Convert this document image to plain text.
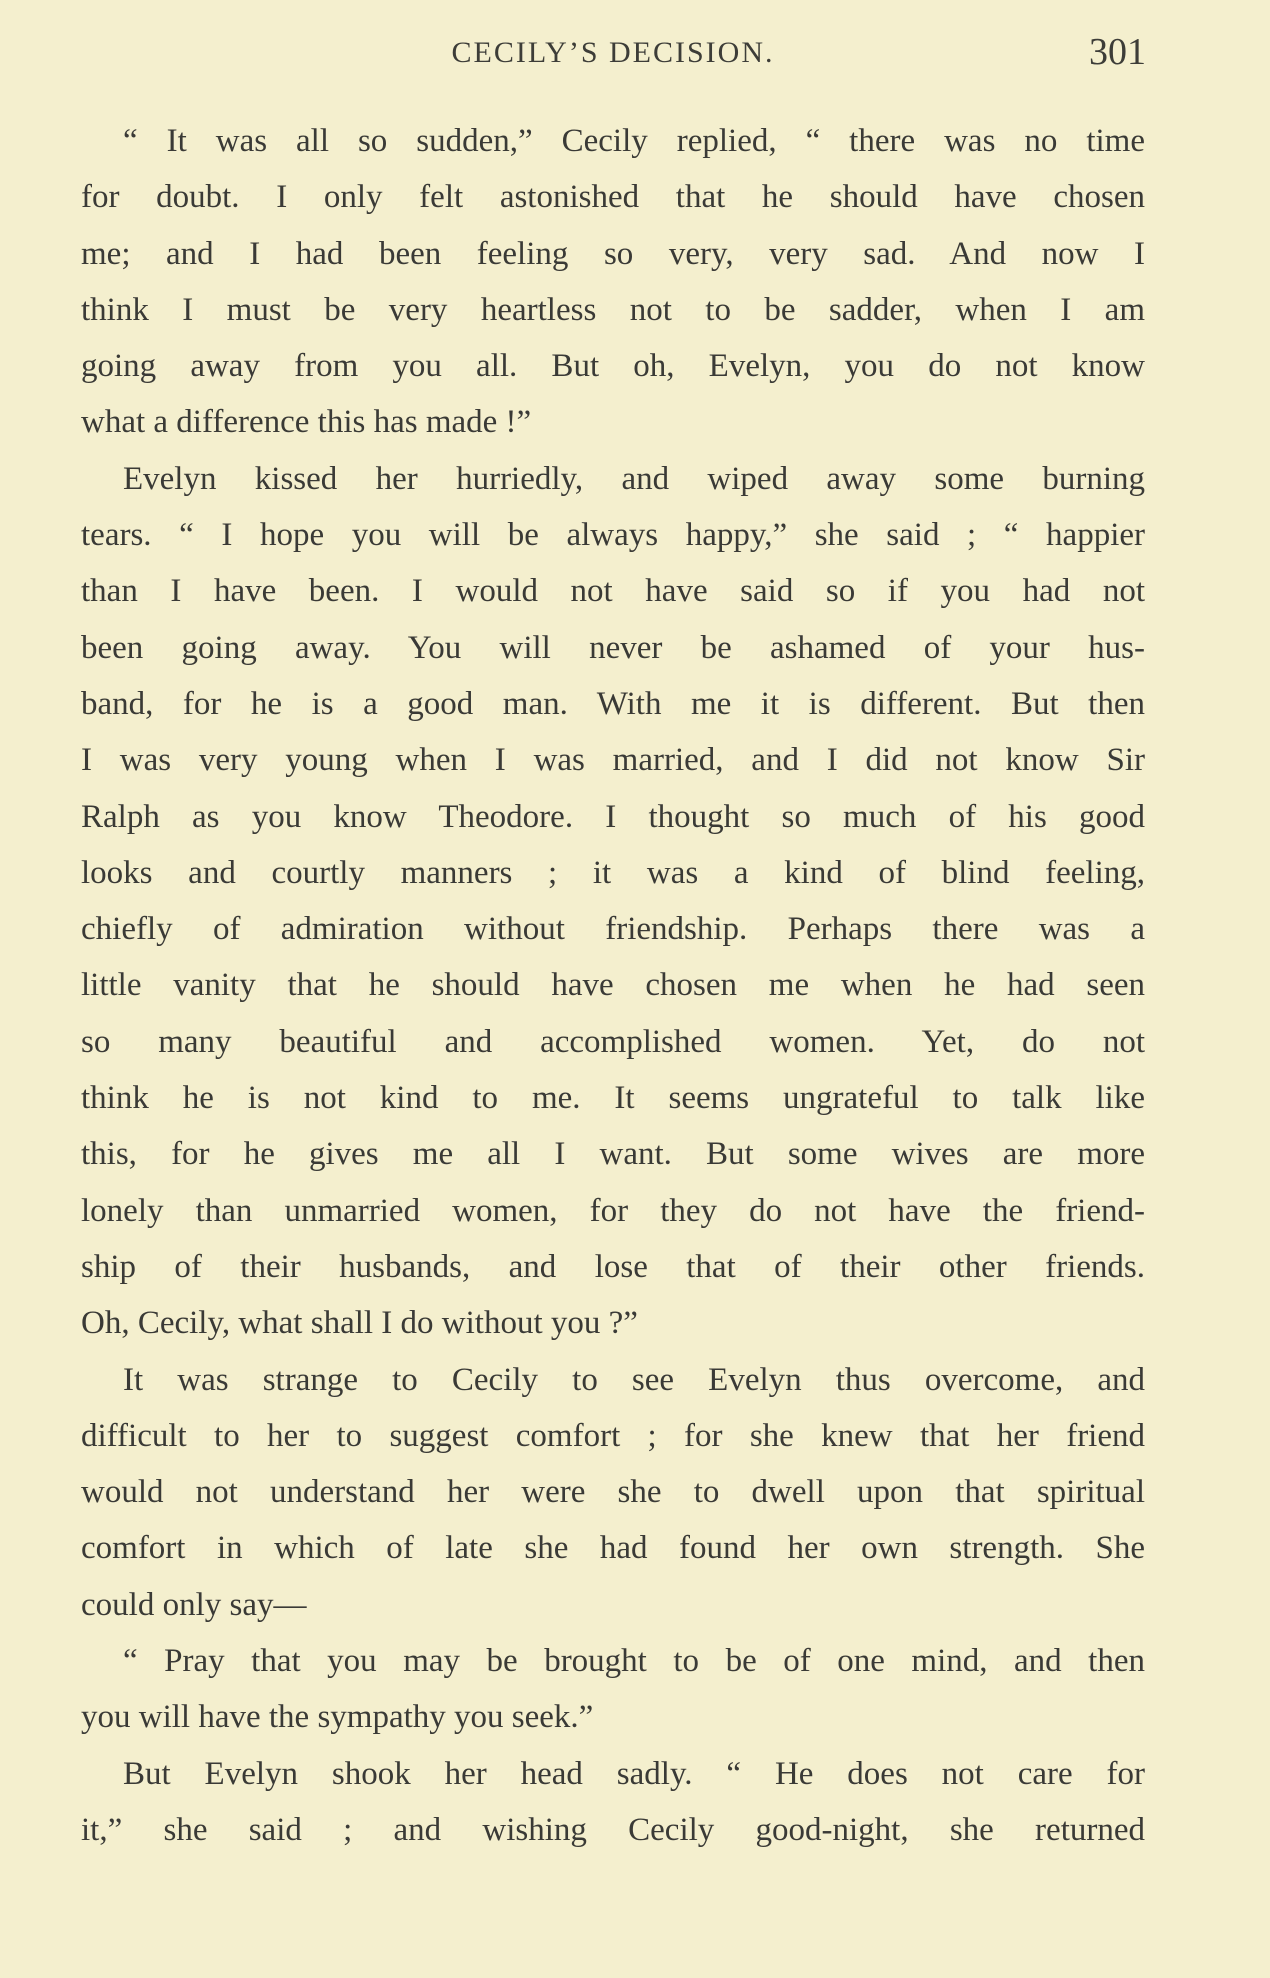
CECILY’S DECISION.	301
“ It was all so sudden,” Cecily replied, “ there was no time
for doubt. I only felt astonished that he should have chosen
me; and I had been feeling so very, very sad. And now I
think I must be very heartless not to be sadder, when I am
going away from you all. But oh, Evelyn, you do not know
what a difference this has made !”
Evelyn kissed her hurriedly, and wiped away some burning
tears. “ I hope you will be always happy,” she said ; “ happier
than I have been. I would not have said so if you had not
been going away. You will never be ashamed of your hus-
band, for he is a good man. With me it is different. But then
I was very young when I was married, and I did not know Sir
Ralph as you know Theodore. I thought so much of his good
looks and courtly manners ; it was a kind of blind feeling,
chiefly of admiration without friendship. Perhaps there was a
little vanity that he should have chosen me when he had seen
so many beautiful and accomplished women. Yet, do not
think he is not kind to me. It seems ungrateful to talk like
this, for he gives me all I want. But some wives are more
lonely than unmarried women, for they do not have the friend-
ship of their husbands, and lose that of their other friends.
Oh, Cecily, what shall I do without you ?”
It was strange to Cecily to see Evelyn thus overcome, and
difficult to her to suggest comfort ; for she knew that her friend
would not understand her were she to dwell upon that spiritual
comfort in which of late she had found her own strength. She
could only say—
“ Pray that you may be brought to be of one mind, and then
you will have the sympathy you seek.”
But Evelyn shook her head sadly. “ He does not care for
it,” she said ; and wishing Cecily good-night, she returned
